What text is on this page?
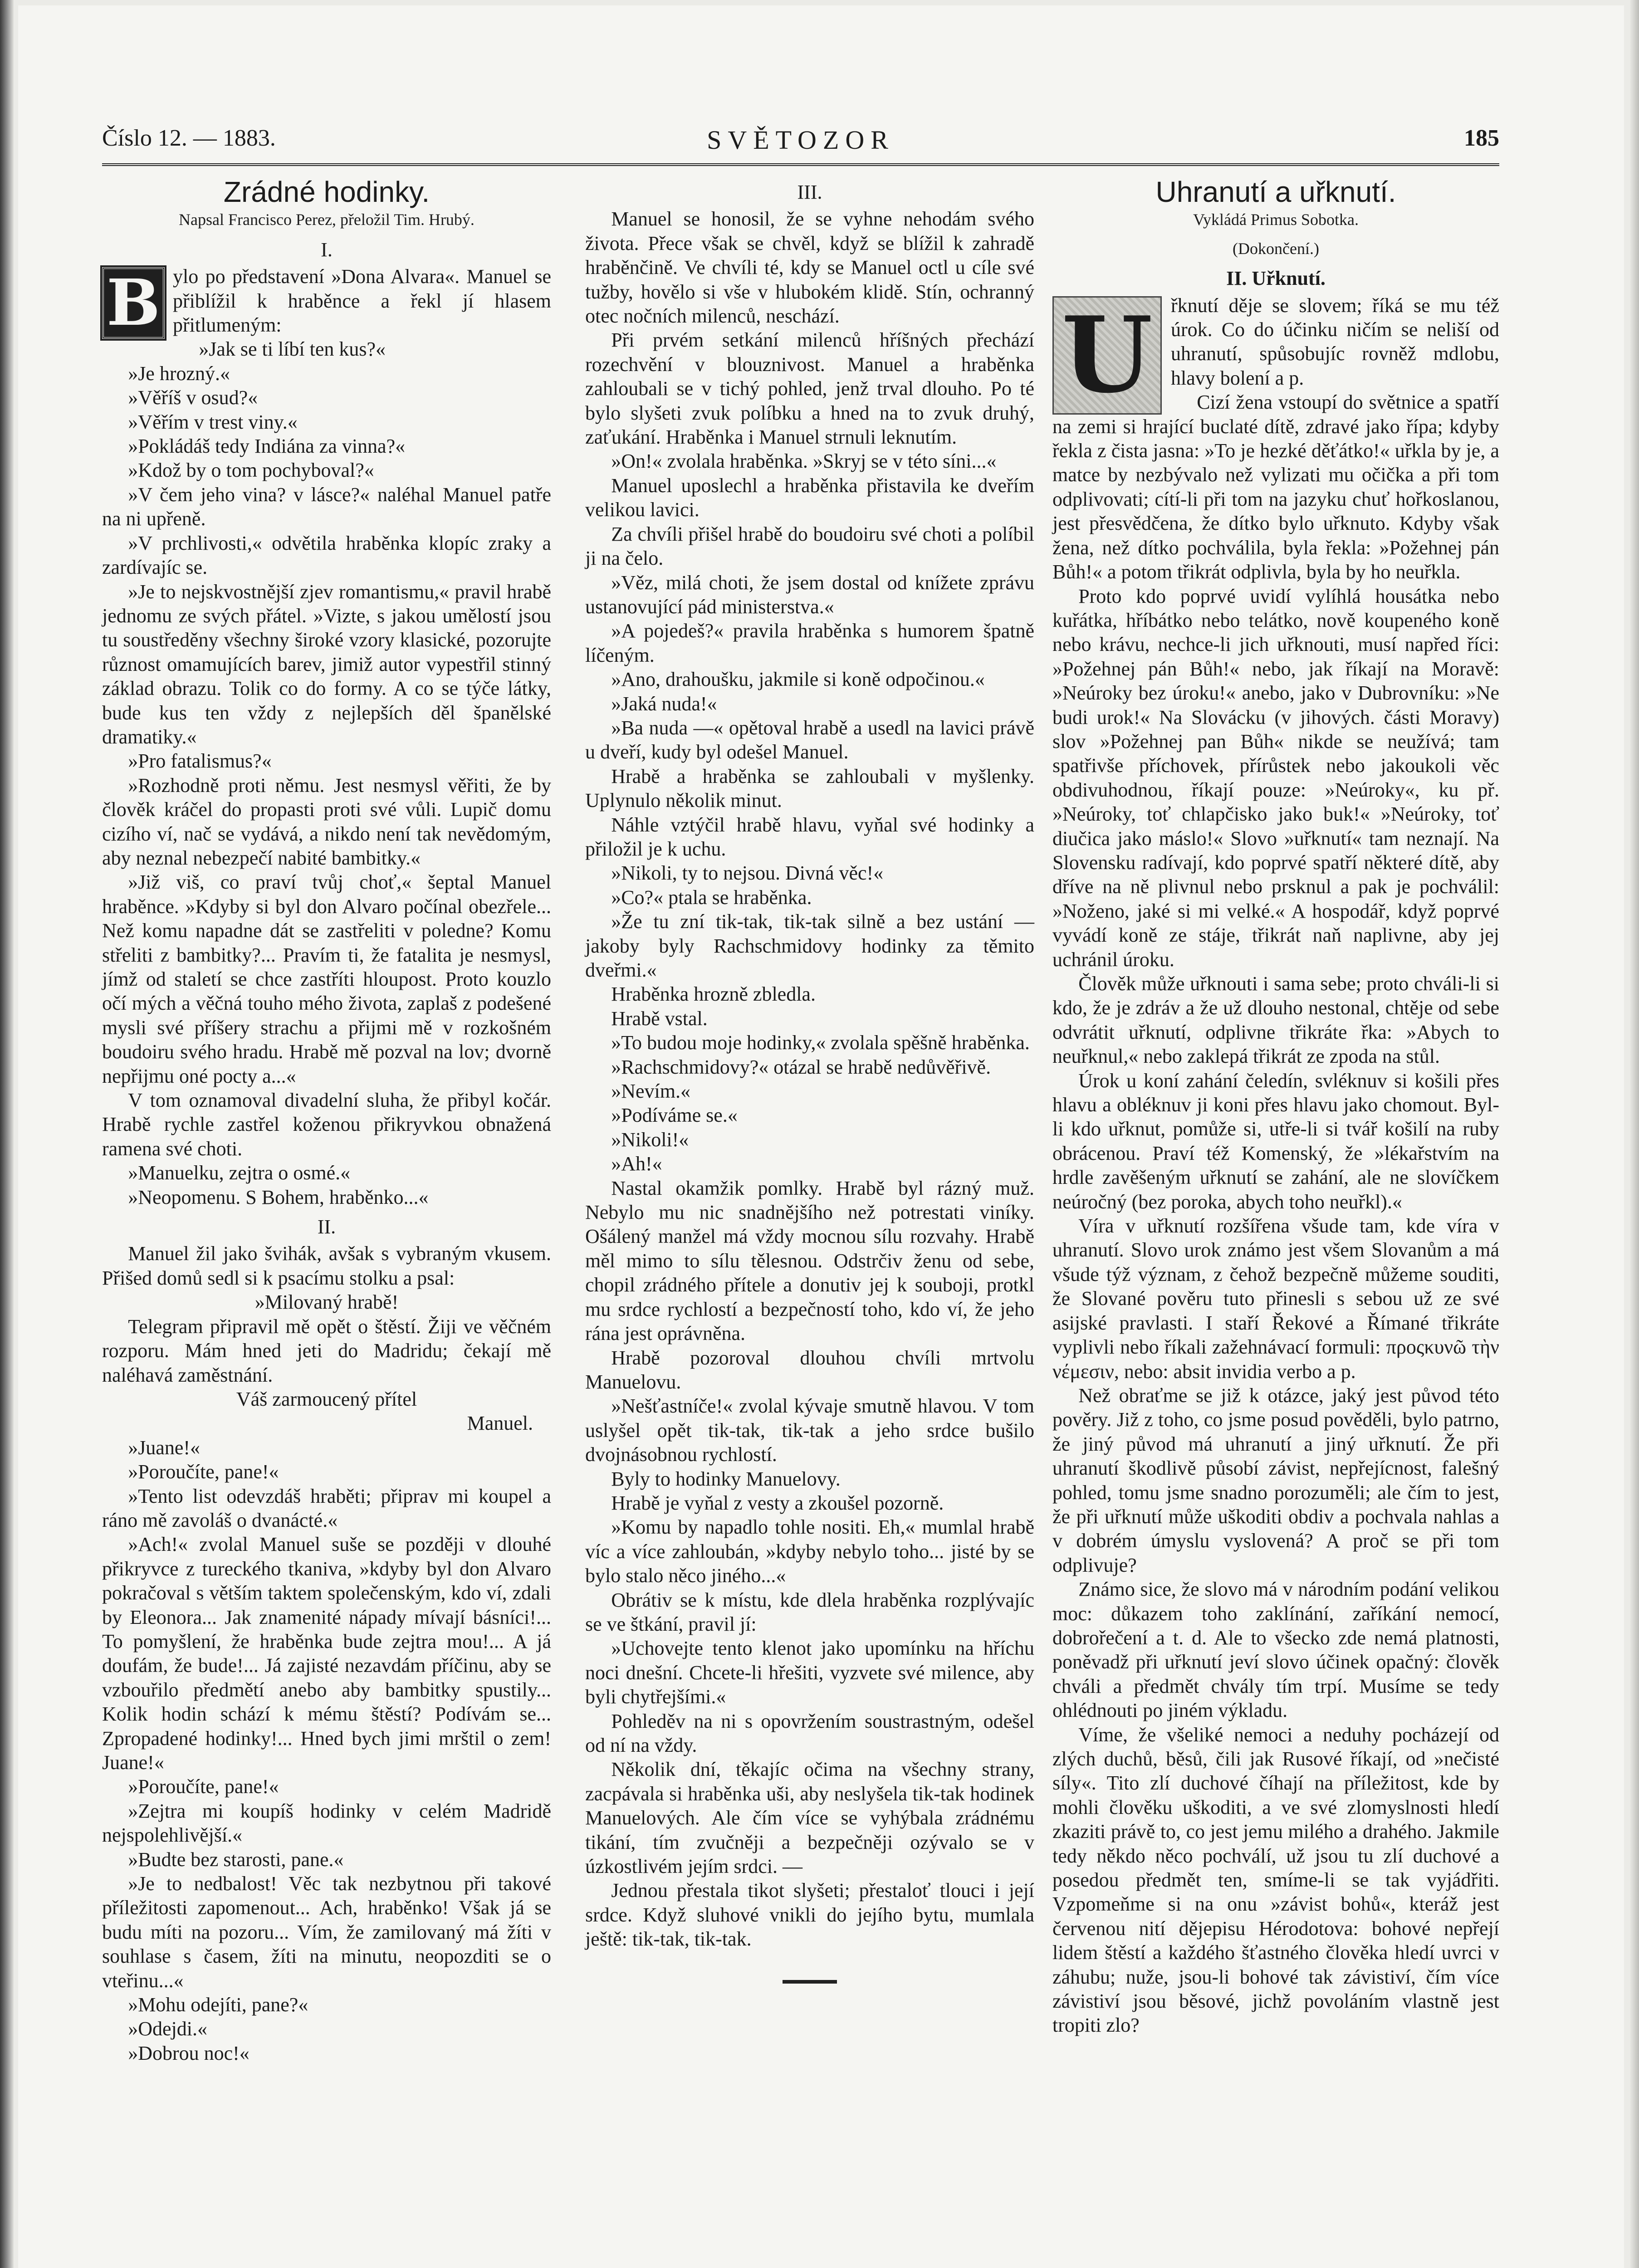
Číslo 12. — 1883.	SVĚTOZOR	185

Zrádné hodinky.

Napsal Francisco Perez, přeložil Tim. Hrubý.

I.

B ylo po představení »Dona Alvara«. Manuel se přiblížil k hraběnce a řekl jí hlasem přitlumeným:

»Jak se ti líbí ten kus?«

»Je hrozný.«

»Věříš v osud?«

»Věřím v trest viny.«

»Pokládáš tedy Indiána za vinna?«

»Kdož by o tom pochyboval?«

»V čem jeho vina? v lásce?« naléhal Manuel patře na ni upřeně.

»V prchlivosti,« odvětila hraběnka klopíc zraky a zardívajíc se.

»Je to nejskvostnější zjev romantismu,« pravil hrabě jednomu ze svých přátel. »Vizte, s jakou umělostí jsou tu soustředěny všechny široké vzory klasické, pozorujte různost omamujících barev, jimiž autor vypestřil stinný základ obrazu. Tolik co do formy. A co se týče látky, bude kus ten vždy z nejlepších děl španělské dramatiky.«

»Pro fatalismus?«

»Rozhodně proti němu. Jest nesmysl věřiti, že by člověk kráčel do propasti proti své vůli. Lupič domu cizího ví, nač se vydává, a nikdo není tak nevědomým, aby neznal nebezpečí nabité bambitky.«

»Již viš, co praví tvůj choť,« šeptal Manuel hraběnce. »Kdyby si byl don Alvaro počínal obezřele... Než komu napadne dát se zastřeliti v poledne? Komu střeliti z bambitky?... Pravím ti, že fatalita je nesmysl, jímž od staletí se chce zastříti hloupost. Proto kouzlo očí mých a věčná touho mého života, zaplaš z podešené mysli své příšery strachu a přijmi mě v rozkošném boudoiru svého hradu. Hrabě mě pozval na lov; dvorně nepřijmu oné pocty a...«

V tom oznamoval divadelní sluha, že přibyl kočár. Hrabě rychle zastřel koženou přikryvkou obnažená ramena své choti.

»Manuelku, zejtra o osmé.«

»Neopomenu. S Bohem, hraběnko...«

II.

Manuel žil jako švihák, avšak s vybraným vkusem. Přišed domů sedl si k psacímu stolku a psal:

»Milovaný hrabě!

Telegram připravil mě opět o štěstí. Žiji ve věčném rozporu. Mám hned jeti do Madridu; čekají mě naléhavá zaměstnání.

Váš zarmoucený přítel

Manuel.

»Juane!«

»Poroučíte, pane!«

»Tento list odevzdáš hraběti; připrav mi koupel a ráno mě zavoláš o dvanácté.«

»Ach!« zvolal Manuel suše se později v dlouhé přikryvce z tureckého tkaniva, »kdyby byl don Alvaro pokračoval s větším taktem společenským, kdo ví, zdali by Eleonora... Jak znamenité nápady mívají básníci!... To pomyšlení, že hraběnka bude zejtra mou!... A já doufám, že bude!... Já zajisté nezavdám příčinu, aby se vzbouřilo předmětí anebo aby bambitky spustily... Kolik hodin schází k mému štěstí? Podívám se... Zpropadené hodinky!... Hned bych jimi mrštil o zem! Juane!«

»Poroučíte, pane!«

»Zejtra mi koupíš hodinky v celém Madridě nejspolehlivější.«

»Budte bez starosti, pane.«

»Je to nedbalost! Věc tak nezbytnou při takové příležitosti zapomenout... Ach, hraběnko! Však já se budu míti na pozoru... Vím, že zamilovaný má žíti v souhlase s časem, žíti na minutu, neopozditi se o vteřinu...«

»Mohu odejíti, pane?«

»Odejdi.«

»Dobrou noc!«

III.

Manuel se honosil, že se vyhne nehodám svého života. Přece však se chvěl, když se blížil k zahradě hraběnčině. Ve chvíli té, kdy se Manuel octl u cíle své tužby, hovělo si vše v hlubokém klidě. Stín, ochranný otec nočních milenců, neschází.

Při prvém setkání milenců hříšných přechází rozechvění v blouznivost. Manuel a hraběnka zahloubali se v tichý pohled, jenž trval dlouho. Po té bylo slyšeti zvuk políbku a hned na to zvuk druhý, zaťukání. Hraběnka i Manuel strnuli leknutím.

»On!« zvolala hraběnka. »Skryj se v této síni...«

Manuel uposlechl a hraběnka přistavila ke dveřím velikou lavici.

Za chvíli přišel hrabě do boudoiru své choti a políbil ji na čelo.

»Věz, milá choti, že jsem dostal od knížete zprávu ustanovující pád ministerstva.«

»A pojedeš?« pravila hraběnka s humorem špatně líčeným.

»Ano, drahoušku, jakmile si koně odpočinou.«

»Jaká nuda!«

»Ba nuda —« opětoval hrabě a usedl na lavici právě u dveří, kudy byl odešel Manuel.

Hrabě a hraběnka se zahloubali v myšlenky. Uplynulo několik minut.

Náhle vztýčil hrabě hlavu, vyňal své hodinky a přiložil je k uchu.

»Nikoli, ty to nejsou. Divná věc!«

»Co?« ptala se hraběnka.

»Že tu zní tik-tak, tik-tak silně a bez ustání — jakoby byly Rachschmidovy hodinky za těmito dveřmi.«

Hraběnka hrozně zbledla.

Hrabě vstal.

»To budou moje hodinky,« zvolala spěšně hraběnka.

»Rachschmidovy?« otázal se hrabě nedůvěřivě.

»Nevím.«

»Podíváme se.«

»Nikoli!«

»Ah!«

Nastal okamžik pomlky. Hrabě byl rázný muž. Nebylo mu nic snadnějšího než potrestati viníky. Ošálený manžel má vždy mocnou sílu rozvahy. Hrabě měl mimo to sílu tělesnou. Odstrčiv ženu od sebe, chopil zrádného přítele a donutiv jej k souboji, protkl mu srdce rychlostí a bezpečností toho, kdo ví, že jeho rána jest oprávněna.

Hrabě pozoroval dlouhou chvíli mrtvolu Manuelovu.

»Nešťastníče!« zvolal kývaje smutně hlavou. V tom uslyšel opět tik-tak, tik-tak a jeho srdce bušilo dvojnásobnou rychlostí.

Byly to hodinky Manuelovy.

Hrabě je vyňal z vesty a zkoušel pozorně.

»Komu by napadlo tohle nositi. Eh,« mumlal hrabě víc a více zahloubán, »kdyby nebylo toho... jisté by se bylo stalo něco jiného...«

Obrátiv se k místu, kde dlela hraběnka rozplývajíc se ve štkání, pravil jí:

»Uchovejte tento klenot jako upomínku na hříchu noci dnešní. Chcete-li hřešiti, vyzvete své milence, aby byli chytřejšími.«

Pohleděv na ni s opovržením soustrastným, odešel od ní na vždy.

Několik dní, těkajíc očima na všechny strany, zacpávala si hraběnka uši, aby neslyšela tik-tak hodinek Manuelových. Ale čím více se vyhýbala zrádnému tikání, tím zvučněji a bezpečněji ozývalo se v úzkostlivém jejím srdci. —

Jednou přestala tikot slyšeti; přestaloť tlouci i její srdce. Když sluhové vnikli do jejího bytu, mumlala ještě: tik-tak, tik-tak.

Uhranutí a uřknutí.

Vykládá Primus Sobotka.

(Dokončení.)

II. Uřknutí.

U řknutí děje se slovem; říká se mu též úrok. Co do účinku ničím se neliší od uhranutí, spůsobujíc rovněž mdlobu, hlavy bolení a p.

Cizí žena vstoupí do světnice a spatří na zemi si hrající buclaté dítě, zdravé jako řípa; kdyby řekla z čista jasna: »To je hezké děťátko!« uřkla by je, a matce by nezbývalo než vylizati mu očička a při tom odplivovati; cítí-li při tom na jazyku chuť hořkoslanou, jest přesvědčena, že dítko bylo uřknuto. Kdyby však žena, než dítko pochválila, byla řekla: »Požehnej pán Bůh!« a potom třikrát odplivla, byla by ho neuřkla.

Proto kdo poprvé uvidí vylíhlá housátka nebo kuřátka, hříbátko nebo telátko, nově koupeného koně nebo krávu, nechce-li jich uřknouti, musí napřed říci: »Požehnej pán Bůh!« nebo, jak říkají na Moravě: »Neúroky bez úroku!« anebo, jako v Dubrovníku: »Ne budi urok!« Na Slovácku (v jihových. části Moravy) slov »Požehnej pan Bůh« nikde se neužívá; tam spatřivše příchovek, přírůstek nebo jakoukoli věc obdivuhodnou, říkají pouze: »Neúroky«, ku př. »Neúroky, toť chlapčisko jako buk!« »Neúroky, toť diučica jako máslo!« Slovo »uřknutí« tam neznají. Na Slovensku radívají, kdo poprvé spatří některé dítě, aby dříve na ně plivnul nebo prsknul a pak je pochválil: »Noženo, jaké si mi velké.« A hospodář, když poprvé vyvádí koně ze stáje, třikrát naň naplivne, aby jej uchránil úroku.

Člověk může uřknouti i sama sebe; proto chváli-li si kdo, že je zdráv a že už dlouho nestonal, chtěje od sebe odvrátit uřknutí, odplivne třikráte řka: »Abych to neuřknul,« nebo zaklepá třikrát ze zpoda na stůl.

Úrok u koní zahání čeledín, svléknuv si košili přes hlavu a obléknuv ji koni přes hlavu jako chomout. Byl-li kdo uřknut, pomůže si, utře-li si tvář košilí na ruby obrácenou. Praví též Komenský, že »lékařstvím na hrdle zavěšeným uřknutí se zahání, ale ne slovíčkem neúročný (bez poroka, abych toho neuřkl).«

Víra v uřknutí rozšířena všude tam, kde víra v uhranutí. Slovo urok známo jest všem Slovanům a má všude týž význam, z čehož bezpečně můžeme souditi, že Slované pověru tuto přinesli s sebou už ze své asijské pravlasti. I staří Řekové a Římané třikráte vyplivli nebo říkali zažehnávací formuli: προςκυνῶ τὴν νέμεσιν, nebo: absit invidia verbo a p.

Než obraťme se již k otázce, jaký jest původ této pověry. Již z toho, co jsme posud pověděli, bylo patrno, že jiný původ má uhranutí a jiný uřknutí. Že při uhranutí škodlivě působí závist, nepřejícnost, falešný pohled, tomu jsme snadno porozuměli; ale čím to jest, že při uřknutí může uškoditi obdiv a pochvala nahlas a v dobrém úmyslu vyslovená? A proč se při tom odplivuje?

Známo sice, že slovo má v národním podání velikou moc: důkazem toho zaklínání, zaříkání nemocí, dobrořečení a t. d. Ale to všecko zde nemá platnosti, poněvadž při uřknutí jeví slovo účinek opačný: člověk chváli a předmět chvály tím trpí. Musíme se tedy ohlédnouti po jiném výkladu.

Víme, že všeliké nemoci a neduhy pocházejí od zlých duchů, běsů, čili jak Rusové říkají, od »nečisté síly«. Tito zlí duchové číhají na příležitost, kde by mohli člověku uškoditi, a ve své zlomyslnosti hledí zkaziti právě to, co jest jemu milého a drahého. Jakmile tedy někdo něco pochválí, už jsou tu zlí duchové a posedou předmět ten, smíme-li se tak vyjádřiti. Vzpomeňme si na onu »závist bohů«, kteráž jest červenou nití dějepisu Hérodotova: bohové nepřejí lidem štěstí a každého šťastného člověka hledí uvrci v záhubu; nuže, jsou-li bohové tak závistiví, čím více závistiví jsou běsové, jichž povoláním vlastně jest tropiti zlo?
